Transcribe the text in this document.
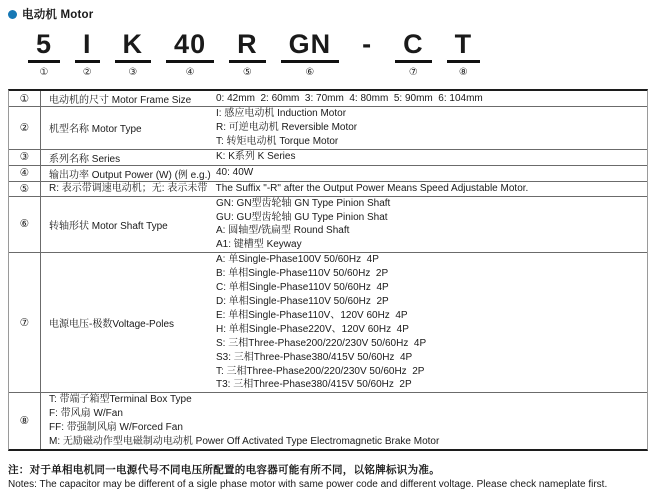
电动机 Motor
5
①
I
②
K
③
40
④
R
⑤
GN
⑥
-
C
⑦
T
⑧
①	电动机的尺寸 Motor Frame Size	0: 42mm  2: 60mm  3: 70mm  4: 80mm  5: 90mm  6: 104mm
②	机型名称 Motor Type
I: 感应电动机 Induction Motor
R: 可逆电动机 Reversible Motor
T: 转矩电动机 Torque Motor
③	系列名称 Series	K: K系列 K Series
④	输出功率 Output Power (W) (例 e.g.) 40: 40W
⑤	R: 表示带调速电动机；无: 表示未带   The Suffix "-R" after the Output Power Means Speed Adjustable Motor.
⑥	转轴形状 Motor Shaft Type
GN: GN型齿轮轴 GN Type Pinion Shaft
GU: GU型齿轮轴 GU Type Pinion Shat
A: 圆轴型/铣扁型 Round Shaft
A1: 键槽型 Keyway
⑦	电源电压-极数Voltage-Poles
A: 单Single-Phase100V 50/60Hz  4P
B: 单相Single-Phase110V 50/60Hz  2P
C: 单相Single-Phase110V 50/60Hz  4P
D: 单相Single-Phase110V 50/60Hz  2P
E: 单相Single-Phase110V、120V 60Hz  4P
H: 单相Single-Phase220V、120V 60Hz  4P
S: 三相Three-Phase200/220/230V 50/60Hz  4P
S3: 三相Three-Phase380/415V 50/60Hz  4P
T: 三相Three-Phase200/220/230V 50/60Hz  2P
T3: 三相Three-Phase380/415V 50/60Hz  2P
⑧
T: 带端子箱型Terminal Box Type
F: 带风扇 W/Fan
FF: 带强制风扇 W/Forced Fan
M: 无励磁动作型电磁制动电动机 Power Off Activated Type Electromagnetic Brake Motor
注：对于单相电机同一电源代号不同电压所配置的电容器可能有所不同，以铭牌标识为准。
Notes: The capacitor may be different of a sigle phase motor with same power code and different voltage. Please check nameplate first.
